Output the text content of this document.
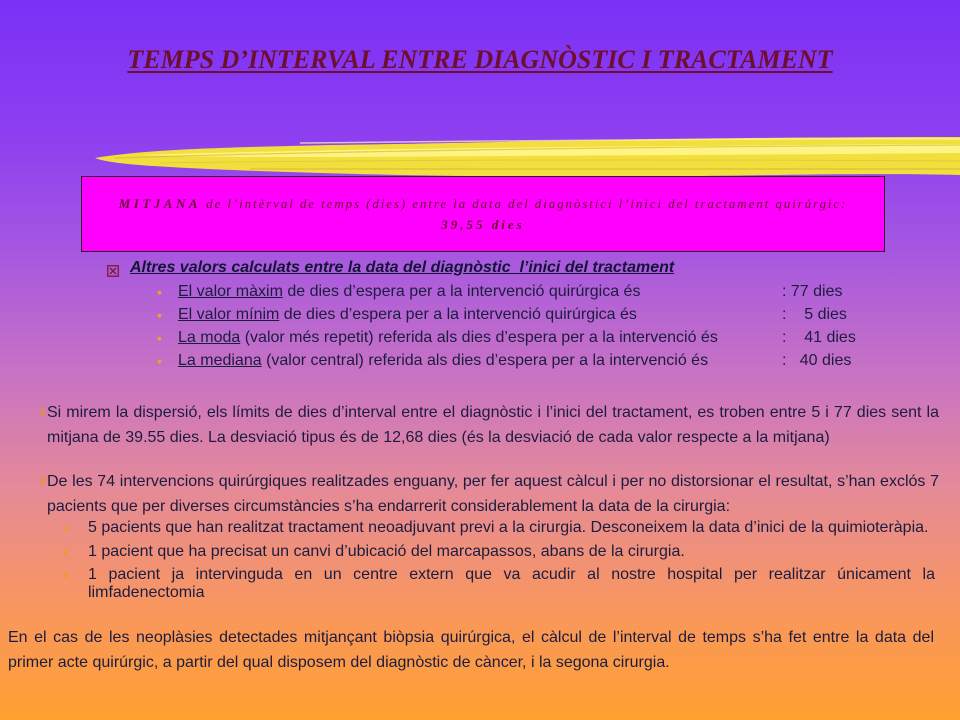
TEMPS D’INTERVAL ENTRE DIAGNÒSTIC I TRACTAMENT
MITJANA de l’intèrval de temps (dies) entre la data del diagnòstici l’inici del tractament quirúrgic:
39,55 dies
Altres valors calculats entre la data del diagnòstic  l’inici del tractament
• El valor màxim de dies d’espera per a la intervenció quirúrgica és	: 77 dies
• El valor mínim de dies d’espera per a la intervenció quirúrgica és	:    5 dies
• La moda (valor més repetit) referida als dies d’espera per a la intervenció és	:    41 dies
• La mediana (valor central) referida als dies d’espera per a la intervenció és	:   40 dies
z Si mirem la dispersió, els límits de dies d’interval entre el diagnòstic i l’inici del tractament, es troben entre 5 i 77 dies sent la mitjana de 39.55 dies. La desviació tipus és de 12,68 dies (és la desviació de cada valor respecte a la mitjana)
z De les 74 intervencions quirúrgiques realitzades enguany, per fer aquest càlcul i per no distorsionar el resultat, s’han exclós 7 pacients que per diverses circumstàncies s’ha endarrerit considerablement la data de la cirurgia:
• 5 pacients que han realitzat tractament neoadjuvant previ a la cirurgia. Desconeixem la data d’inici de la quimioteràpia.
• 1 pacient que ha precisat un canvi d’ubicació del marcapassos, abans de la cirurgia.
• 1 pacient ja intervinguda en un centre extern que va acudir al nostre hospital per realitzar únicament la
limfadenectomia
En el cas de les neoplàsies detectades mitjançant biòpsia quirúrgica, el càlcul de l’interval de temps s’ha fet entre la data del primer acte quirúrgic, a partir del qual disposem del diagnòstic de càncer, i la segona cirurgia.
